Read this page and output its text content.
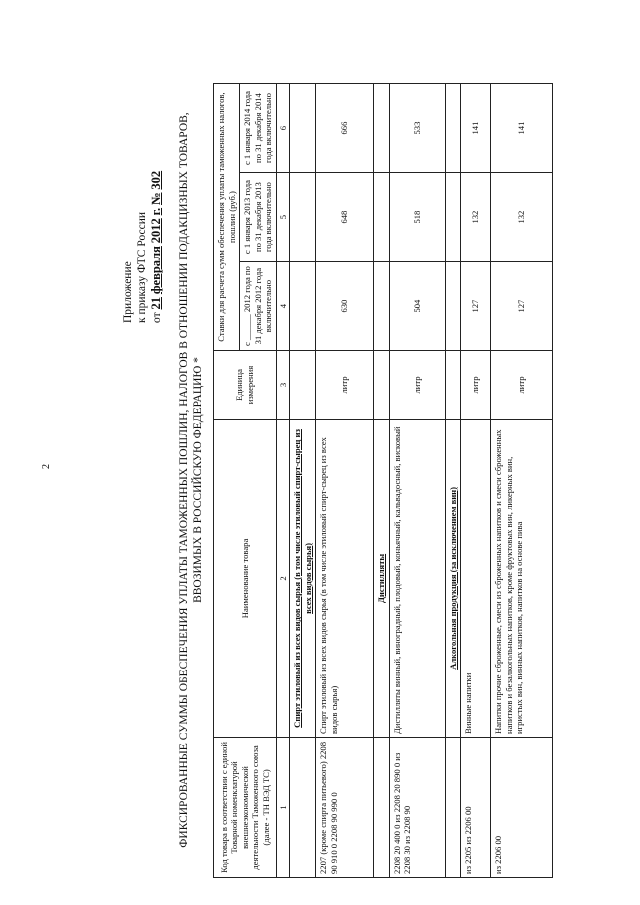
2
Приложение к приказу ФТС России от 21 февраля 2012 г. № 302 ФИКСИРОВАННЫЕ СУММЫ ОБЕСПЕЧЕНИЯ УПЛАТЫ ТАМОЖЕННЫХ ПОШЛИН, НАЛОГОВ В ОТНОШЕНИИ ПОДАКЦИЗНЫХ ТОВАРОВ, ВВОЗИМЫХ В РОССИЙСКУЮ ФЕДЕРАЦИЮ *
Код товара в соответствии с единой Товарной номенклатурой внешнеэкономической деятельности Таможенного союза (далее - ТН ВЭД ТС)	Наименование товара	Единица измерения	Ставки для расчета сумм обеспечения уплаты таможенных налогов, пошлин (руб.)		
			с ______ 2012 года по 31 декабря 2012 года включительно	с 1 января 2013 года по 31 декабря 2013 года включительно	с 1 января 2014 года по 31 декабря 2014 года включительно
1	2	3	4	5	6
	Спирт этиловый из всех видов сырья (в том числе этиловый спирт-сырец из всех видов сырья)				
2207 (кроме спирта питьевого) 2208 90 910 0 2208 90 990 0	Спирт этиловый из всех видов сырья (в том числе этиловый спирт-сырец из всех видов сырья)	литр	630	648	666
	Дистилляты				
2208 20 400 0 из 2208 20 890 0 из 2208 30 из 2208 90	Дистилляты винный, виноградный, плодовый, коньячный, кальвадосный, висковый	литр	504	518	533
	Алкогольная продукция (за исключением вин)				
из 2205 из 2206 00	Винные напитки	литр	127	132	141
из 2206 00	Напитки прочие сброженные, смеси из сброженных напитков и смеси сброженных напитков и безалкогольных напитков, кроме фруктовых вин, ликерных вин, игристых вин, винных напитков, напитков на основе пива	литр	127	132	141
